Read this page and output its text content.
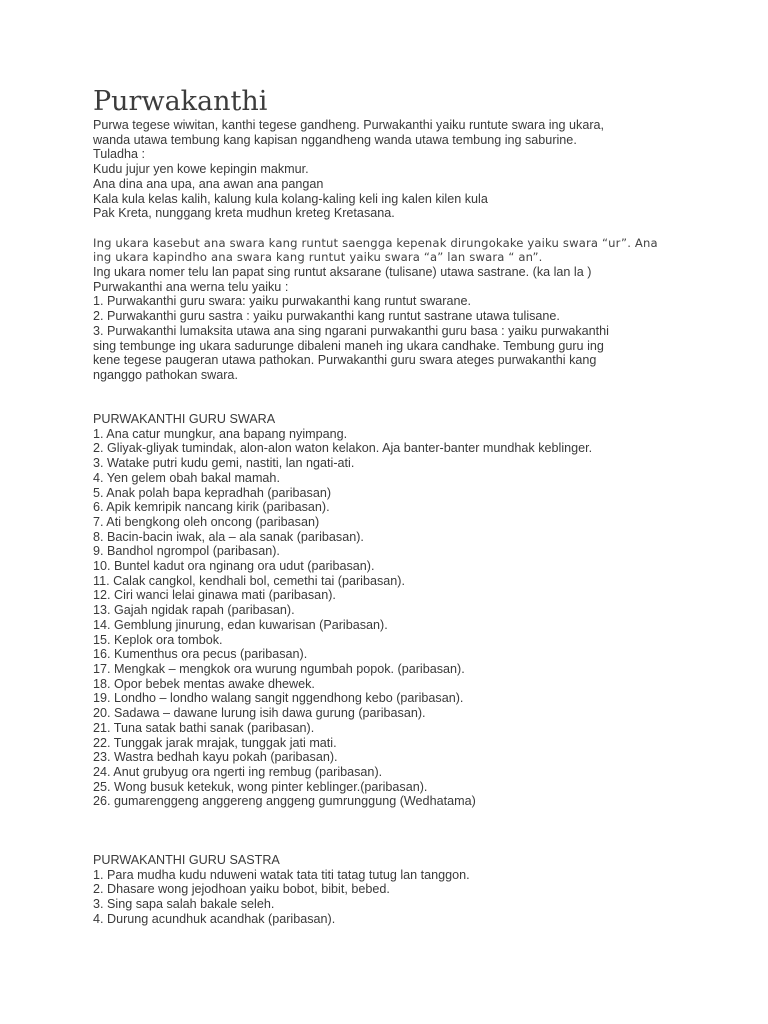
Purwakanthi
Purwa tegese wiwitan, kanthi tegese gandheng. Purwakanthi yaiku runtute swara ing ukara,
wanda utawa tembung kang kapisan nggandheng wanda utawa tembung ing saburine.
Tuladha :
Kudu jujur yen kowe kepingin makmur.
Ana dina ana upa, ana awan ana pangan
Kala kula kelas kalih, kalung kula kolang-kaling keli ing kalen kilen kula
Pak Kreta, nunggang kreta mudhun kreteg Kretasana.
Ing ukara kasebut ana swara kang runtut saengga kepenak dirungokake yaiku swara “ur”. Ana
ing ukara kapindho ana swara kang runtut yaiku swara “a” lan swara “ an”.
Ing ukara nomer telu lan papat sing runtut aksarane (tulisane) utawa sastrane. (ka lan la )
Purwakanthi ana werna telu yaiku :
1. Purwakanthi guru swara: yaiku purwakanthi kang runtut swarane.
2. Purwakanthi guru sastra : yaiku purwakanthi kang runtut sastrane utawa tulisane.
3. Purwakanthi lumaksita utawa ana sing ngarani purwakanthi guru basa : yaiku purwakanthi
sing tembunge ing ukara sadurunge dibaleni maneh ing ukara candhake. Tembung guru ing
kene tegese paugeran utawa pathokan. Purwakanthi guru swara ateges purwakanthi kang
nganggo pathokan swara.
PURWAKANTHI GURU SWARA
1. Ana catur mungkur, ana bapang nyimpang.
2. Gliyak-gliyak tumindak, alon-alon waton kelakon. Aja banter-banter mundhak keblinger.
3. Watake putri kudu gemi, nastiti, lan ngati-ati.
4. Yen gelem obah bakal mamah.
5. Anak polah bapa kepradhah (paribasan)
6. Apik kemripik nancang kirik (paribasan).
7. Ati bengkong oleh oncong (paribasan)
8. Bacin-bacin iwak, ala – ala sanak (paribasan).
9. Bandhol ngrompol (paribasan).
10. Buntel kadut ora nginang ora udut (paribasan).
11. Calak cangkol, kendhali bol, cemethi tai (paribasan).
12. Ciri wanci lelai ginawa mati (paribasan).
13. Gajah ngidak rapah (paribasan).
14. Gemblung jinurung, edan kuwarisan (Paribasan).
15. Keplok ora tombok.
16. Kumenthus ora pecus (paribasan).
17. Mengkak – mengkok ora wurung ngumbah popok. (paribasan).
18. Opor bebek mentas awake dhewek.
19. Londho – londho walang sangit nggendhong kebo (paribasan).
20. Sadawa – dawane lurung isih dawa gurung (paribasan).
21. Tuna satak bathi sanak (paribasan).
22. Tunggak jarak mrajak, tunggak jati mati.
23. Wastra bedhah kayu pokah (paribasan).
24. Anut grubyug ora ngerti ing rembug (paribasan).
25. Wong busuk ketekuk, wong pinter keblinger.(paribasan).
26. gumarenggeng anggereng anggeng gumrunggung (Wedhatama)
PURWAKANTHI GURU SASTRA
1. Para mudha kudu nduweni watak tata titi tatag tutug lan tanggon.
2. Dhasare wong jejodhoan yaiku bobot, bibit, bebed.
3. Sing sapa salah bakale seleh.
4. Durung acundhuk acandhak (paribasan).
